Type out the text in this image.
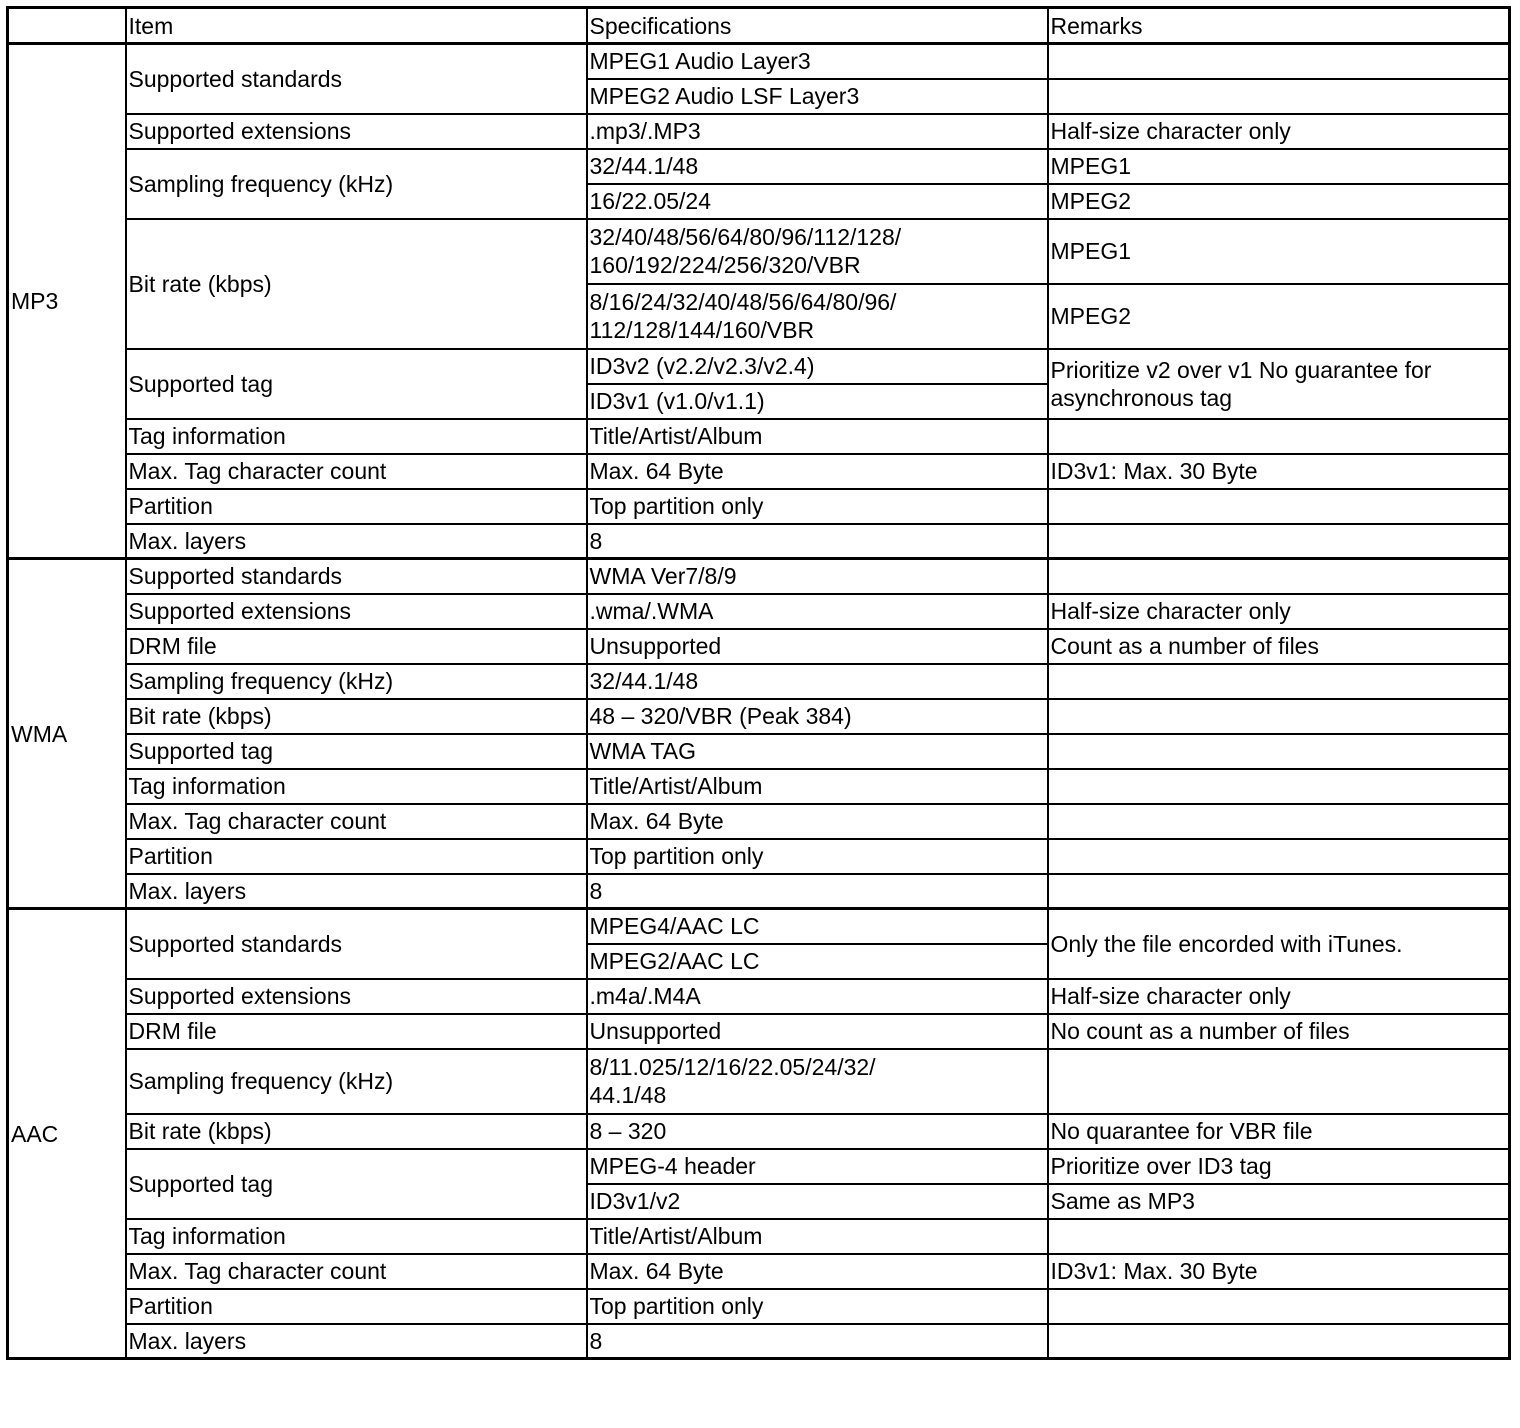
	Item	Specifications	Remarks
MP3	Supported standards	MPEG1 Audio Layer3	
		MPEG2 Audio LSF Layer3	
	Supported extensions	.mp3/.MP3	Half-size character only
	Sampling frequency (kHz)	32/44.1/48	MPEG1
		16/22.05/24	MPEG2
	Bit rate (kbps)	32/40/48/56/64/80/96/112/128/
160/192/224/256/320/VBR	MPEG1
		8/16/24/32/40/48/56/64/80/96/
112/128/144/160/VBR	MPEG2
	Supported tag	ID3v2 (v2.2/v2.3/v2.4)	Prioritize v2 over v1 No guarantee for
asynchronous tag
		ID3v1 (v1.0/v1.1)	
	Tag information	Title/Artist/Album	
	Max. Tag character count	Max. 64 Byte	ID3v1: Max. 30 Byte
	Partition	Top partition only	
	Max. layers	8	
WMA	Supported standards	WMA Ver7/8/9	
	Supported extensions	.wma/.WMA	Half-size character only
	DRM file	Unsupported	Count as a number of files
	Sampling frequency (kHz)	32/44.1/48	
	Bit rate (kbps)	48 – 320/VBR (Peak 384)	
	Supported tag	WMA TAG	
	Tag information	Title/Artist/Album	
	Max. Tag character count	Max. 64 Byte	
	Partition	Top partition only	
	Max. layers	8	
AAC	Supported standards	MPEG4/AAC LC	Only the file encorded with iTunes.
		MPEG2/AAC LC	
	Supported extensions	.m4a/.M4A	Half-size character only
	DRM file	Unsupported	No count as a number of files
	Sampling frequency (kHz)	8/11.025/12/16/22.05/24/32/
44.1/48	
	Bit rate (kbps)	8 – 320	No quarantee for VBR file
	Supported tag	MPEG-4 header	Prioritize over ID3 tag
		ID3v1/v2	Same as MP3
	Tag information	Title/Artist/Album	
	Max. Tag character count	Max. 64 Byte	ID3v1: Max. 30 Byte
	Partition	Top partition only	
	Max. layers	8	
